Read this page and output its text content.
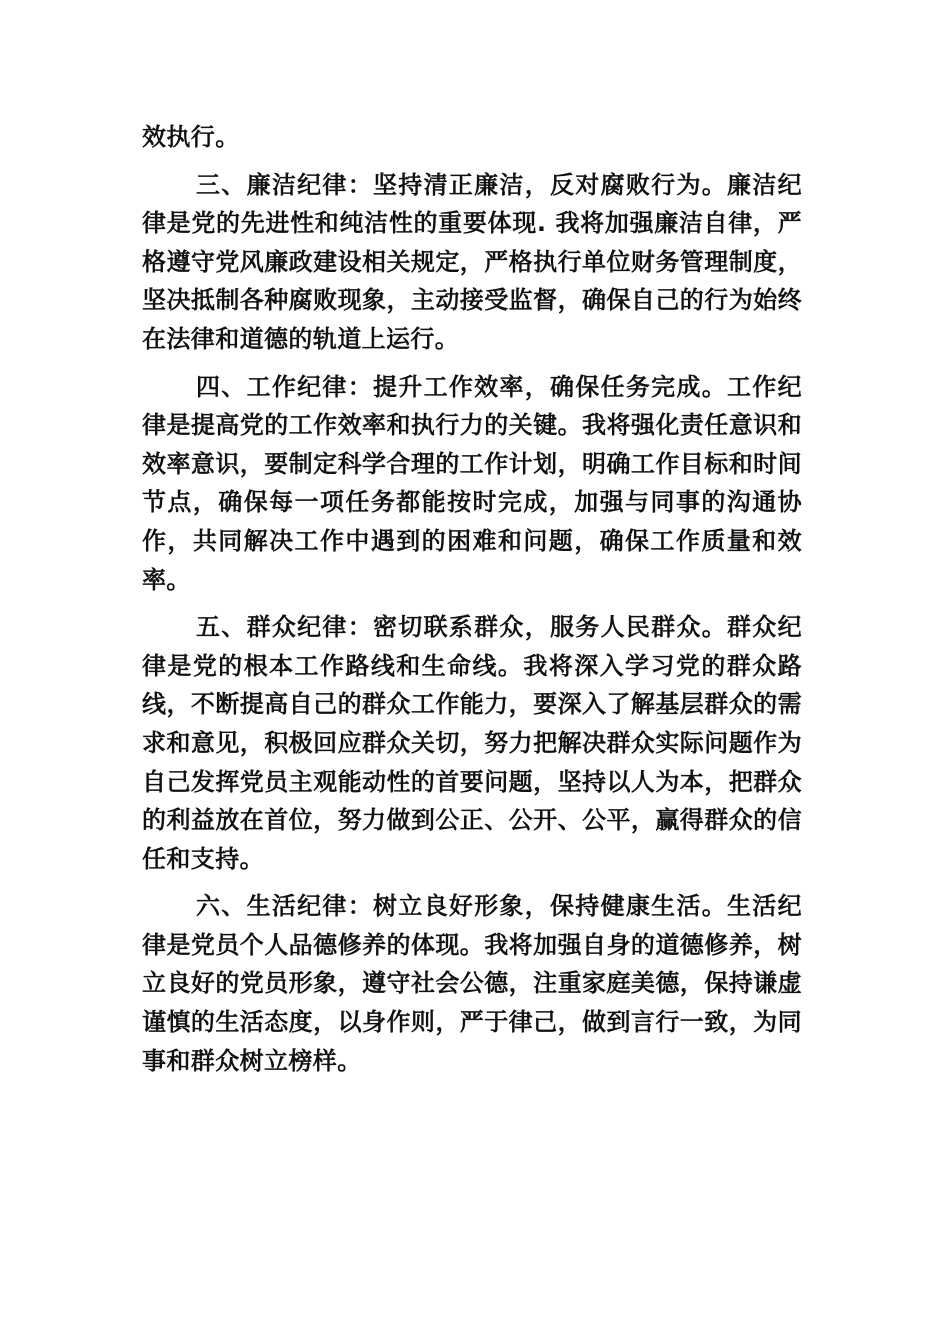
效执行。

三、廉洁纪律：坚持清正廉洁，反对腐败行为。廉洁纪律是党的先进性和纯洁性的重要体现. 我将加强廉洁自律，严格遵守党风廉政建设相关规定，严格执行单位财务管理制度，坚决抵制各种腐败现象，主动接受监督，确保自己的行为始终在法律和道德的轨道上运行。

四、工作纪律：提升工作效率，确保任务完成。工作纪律是提高党的工作效率和执行力的关键。我将强化责任意识和效率意识，要制定科学合理的工作计划，明确工作目标和时间节点，确保每一项任务都能按时完成，加强与同事的沟通协作，共同解决工作中遇到的困难和问题，确保工作质量和效率。

五、群众纪律：密切联系群众，服务人民群众。群众纪律是党的根本工作路线和生命线。我将深入学习党的群众路线，不断提高自己的群众工作能力，要深入了解基层群众的需求和意见，积极回应群众关切，努力把解决群众实际问题作为自己发挥党员主观能动性的首要问题，坚持以人为本，把群众的利益放在首位，努力做到公正、公开、公平，赢得群众的信任和支持。

六、生活纪律：树立良好形象，保持健康生活。生活纪律是党员个人品德修养的体现。我将加强自身的道德修养，树立良好的党员形象，遵守社会公德，注重家庭美德，保持谦虚谨慎的生活态度，以身作则，严于律己，做到言行一致，为同事和群众树立榜样。
